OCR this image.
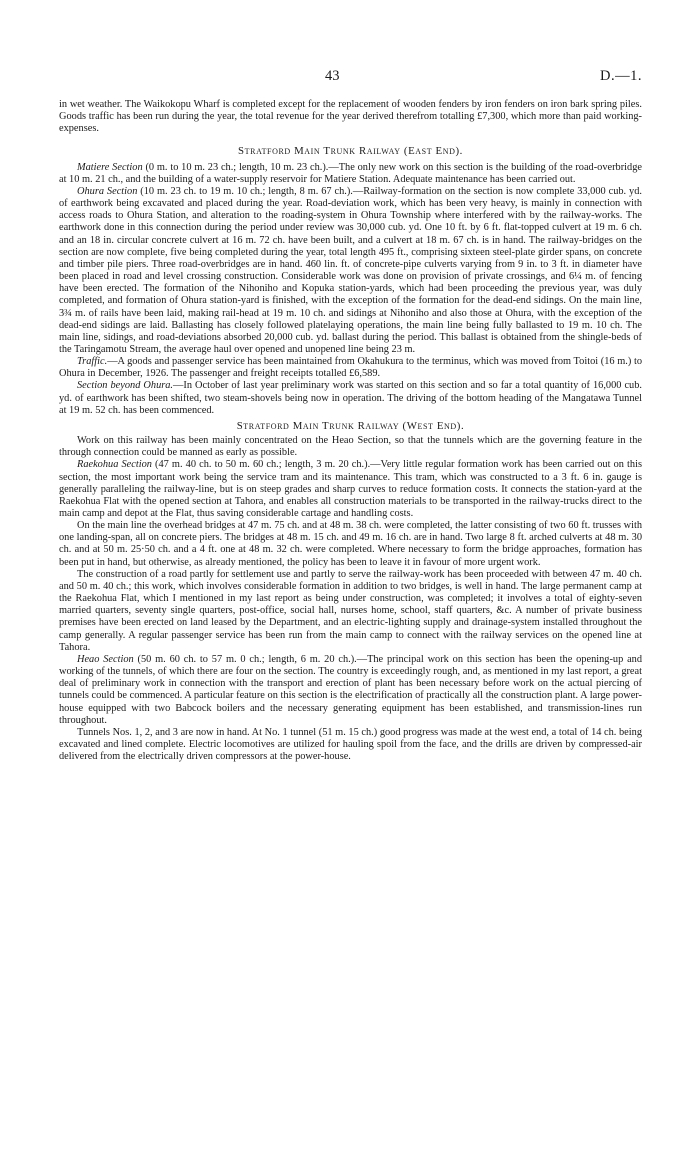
43	D.—1.

in wet weather. The Waikokopu Wharf is completed except for the replacement of wooden fenders by iron fenders on iron bark spring piles. Goods traffic has been run during the year, the total revenue for the year derived therefrom totalling £7,300, which more than paid working-expenses.

Stratford Main Trunk Railway (East End).

Matiere Section (0 m. to 10 m. 23 ch.; length, 10 m. 23 ch.).—The only new work on this section is the building of the road-overbridge at 10 m. 21 ch., and the building of a water-supply reservoir for Matiere Station. Adequate maintenance has been carried out.

Ohura Section (10 m. 23 ch. to 19 m. 10 ch.; length, 8 m. 67 ch.).—Railway-formation on the section is now complete 33,000 cub. yd. of earthwork being excavated and placed during the year. Road-deviation work, which has been very heavy, is mainly in connection with access roads to Ohura Station, and alteration to the roading-system in Ohura Township where interfered with by the railway-works. The earthwork done in this connection during the period under review was 30,000 cub. yd. One 10 ft. by 6 ft. flat-topped culvert at 19 m. 6 ch. and an 18 in. circular concrete culvert at 16 m. 72 ch. have been built, and a culvert at 18 m. 67 ch. is in hand. The railway-bridges on the section are now complete, five being completed during the year, total length 495 ft., comprising sixteen steel-plate girder spans, on concrete and timber pile piers. Three road-overbridges are in hand. 460 lin. ft. of concrete-pipe culverts varying from 9 in. to 3 ft. in diameter have been placed in road and level crossing construction. Considerable work was done on provision of private crossings, and 6¼ m. of fencing have been erected. The formation of the Nihoniho and Kopuka station-yards, which had been proceeding the previous year, was duly completed, and formation of Ohura station-yard is finished, with the exception of the formation for the dead-end sidings. On the main line, 3¾ m. of rails have been laid, making rail-head at 19 m. 10 ch. and sidings at Nihoniho and also those at Ohura, with the exception of the dead-end sidings are laid. Ballasting has closely followed platelaying operations, the main line being fully ballasted to 19 m. 10 ch. The main line, sidings, and road-deviations absorbed 20,000 cub. yd. ballast during the period. This ballast is obtained from the shingle-beds of the Taringamotu Stream, the average haul over opened and unopened line being 23 m.

Traffic.—A goods and passenger service has been maintained from Okahukura to the terminus, which was moved from Toitoi (16 m.) to Ohura in December, 1926. The passenger and freight receipts totalled £6,589.

Section beyond Ohura.—In October of last year preliminary work was started on this section and so far a total quantity of 16,000 cub. yd. of earthwork has been shifted, two steam-shovels being now in operation. The driving of the bottom heading of the Mangatawa Tunnel at 19 m. 52 ch. has been commenced.

Stratford Main Trunk Railway (West End).

Work on this railway has been mainly concentrated on the Heao Section, so that the tunnels which are the governing feature in the through connection could be manned as early as possible.

Raekohua Section (47 m. 40 ch. to 50 m. 60 ch.; length, 3 m. 20 ch.).—Very little regular formation work has been carried out on this section, the most important work being the service tram and its maintenance. This tram, which was constructed to a 3 ft. 6 in. gauge is generally paralleling the railway-line, but is on steep grades and sharp curves to reduce formation costs. It connects the station-yard at the Raekohua Flat with the opened section at Tahora, and enables all construction materials to be transported in the railway-trucks direct to the main camp and depot at the Flat, thus saving considerable cartage and handling costs.

On the main line the overhead bridges at 47 m. 75 ch. and at 48 m. 38 ch. were completed, the latter consisting of two 60 ft. trusses with one landing-span, all on concrete piers. The bridges at 48 m. 15 ch. and 49 m. 16 ch. are in hand. Two large 8 ft. arched culverts at 48 m. 30 ch. and at 50 m. 25·50 ch. and a 4 ft. one at 48 m. 32 ch. were completed. Where necessary to form the bridge approaches, formation has been put in hand, but otherwise, as already mentioned, the policy has been to leave it in favour of more urgent work.

The construction of a road partly for settlement use and partly to serve the railway-work has been proceeded with between 47 m. 40 ch. and 50 m. 40 ch.; this work, which involves considerable formation in addition to two bridges, is well in hand. The large permanent camp at the Raekohua Flat, which I mentioned in my last report as being under construction, was completed; it involves a total of eighty-seven married quarters, seventy single quarters, post-office, social hall, nurses home, school, staff quarters, &c. A number of private business premises have been erected on land leased by the Department, and an electric-lighting supply and drainage-system installed throughout the camp generally. A regular passenger service has been run from the main camp to connect with the railway services on the opened line at Tahora.

Heao Section (50 m. 60 ch. to 57 m. 0 ch.; length, 6 m. 20 ch.).—The principal work on this section has been the opening-up and working of the tunnels, of which there are four on the section. The country is exceedingly rough, and, as mentioned in my last report, a great deal of preliminary work in connection with the transport and erection of plant has been necessary before work on the actual piercing of tunnels could be commenced. A particular feature on this section is the electrification of practically all the construction plant. A large power-house equipped with two Babcock boilers and the necessary generating equipment has been established, and transmission-lines run throughout.

Tunnels Nos. 1, 2, and 3 are now in hand. At No. 1 tunnel (51 m. 15 ch.) good progress was made at the west end, a total of 14 ch. being excavated and lined complete. Electric locomotives are utilized for hauling spoil from the face, and the drills are driven by compressed-air delivered from the electrically driven compressors at the power-house.
